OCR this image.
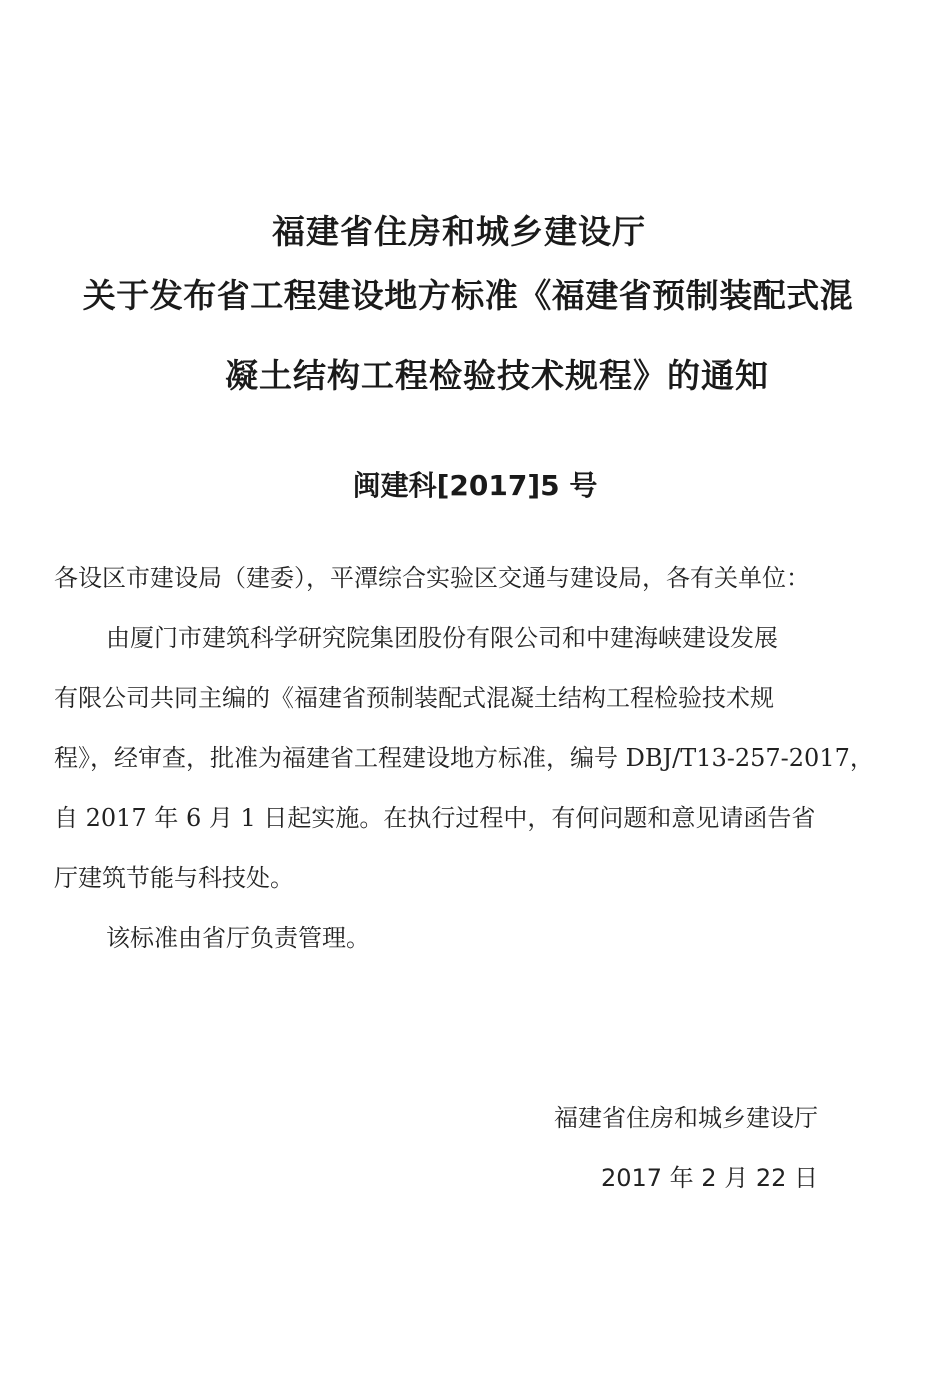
福建省住房和城乡建设厅
关于发布省工程建设地方标准《福建省预制装配式混
凝土结构工程检验技术规程》的通知
闽建科[2017]5 号
各设区市建设局（建委），平潭综合实验区交通与建设局，各有关单位：
由厦门市建筑科学研究院集团股份有限公司和中建海峡建设发展
有限公司共同主编的《福建省预制装配式混凝土结构工程检验技术规
程》，经审查，批准为福建省工程建设地方标准，编号 DBJ/T13-257-2017，
自 2017 年 6 月 1 日起实施。在执行过程中，有何问题和意见请函告省
厅建筑节能与科技处。
该标准由省厅负责管理。
福建省住房和城乡建设厅
2017 年 2 月 22 日
